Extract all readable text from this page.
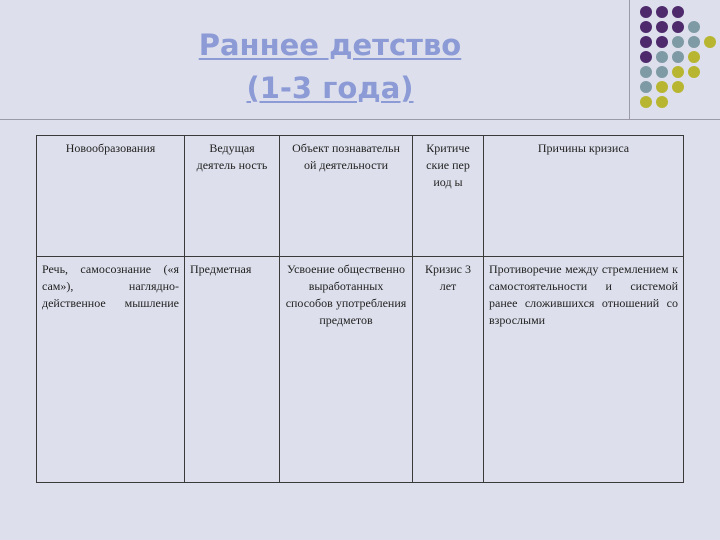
Раннее детство
(1-3 года)
Новообразования	Ведущая деятель ность	Объект познавательн ой деятельности	Критиче ские пер иод ы	Причины кризиса
Речь, самосознание («я сам»), наглядно-действенное мышление	Предметная	Усвоение общественно выработанных способов употребления предметов	Кризис 3 лет	Противоречие между стремлением к самостоятельности и системой ранее сложившихся отношений со взрослыми
